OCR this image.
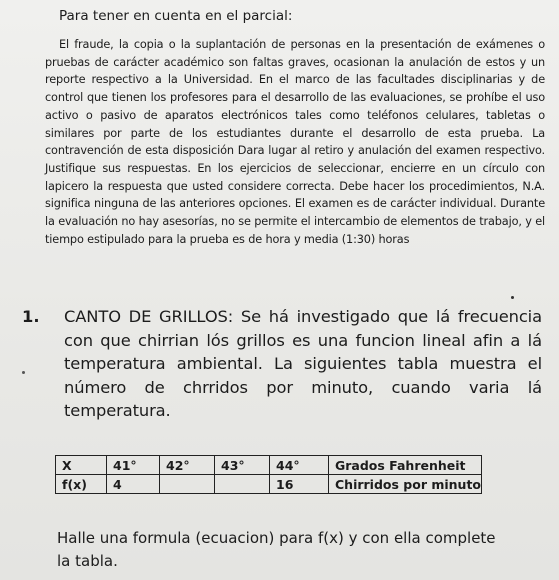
Para tener en cuenta en el parcial:

El fraude, la copia o la suplantación de personas en la presentación de exámenes o pruebas de carácter académico son faltas graves, ocasionan la anulación de estos y un reporte respectivo a la Universidad. En el marco de las facultades disciplinarias y de control que tienen los profesores para el desarrollo de las evaluaciones, se prohíbe el uso activo o pasivo de aparatos electrónicos tales como teléfonos celulares, tabletas o similares por parte de los estudiantes durante el desarrollo de esta prueba. La contravención de esta disposición Dara lugar al retiro y anulación del examen respectivo. Justifique sus respuestas. En los ejercicios de seleccionar, encierre en un círculo con lapicero la respuesta que usted considere correcta. Debe hacer los procedimientos, N.A. significa ninguna de las anteriores opciones. El examen es de carácter individual. Durante la evaluación no hay asesorías, no se permite el intercambio de elementos de trabajo, y el tiempo estipulado para la prueba es de hora y media (1:30) horas

1. CANTO DE GRILLOS: Se há investigado que lá frecuencia con que chirrian lós grillos es una funcion lineal afin a lá temperatura ambiental. La siguientes tabla muestra el número de chrridos por minuto, cuando varia lá temperatura.
X	41°	42°	43°	44°	Grados Fahrenheit
f(x)	4			16	Chirridos por minuto
Halle una formula (ecuacion) para f(x) y con ella complete la tabla.
